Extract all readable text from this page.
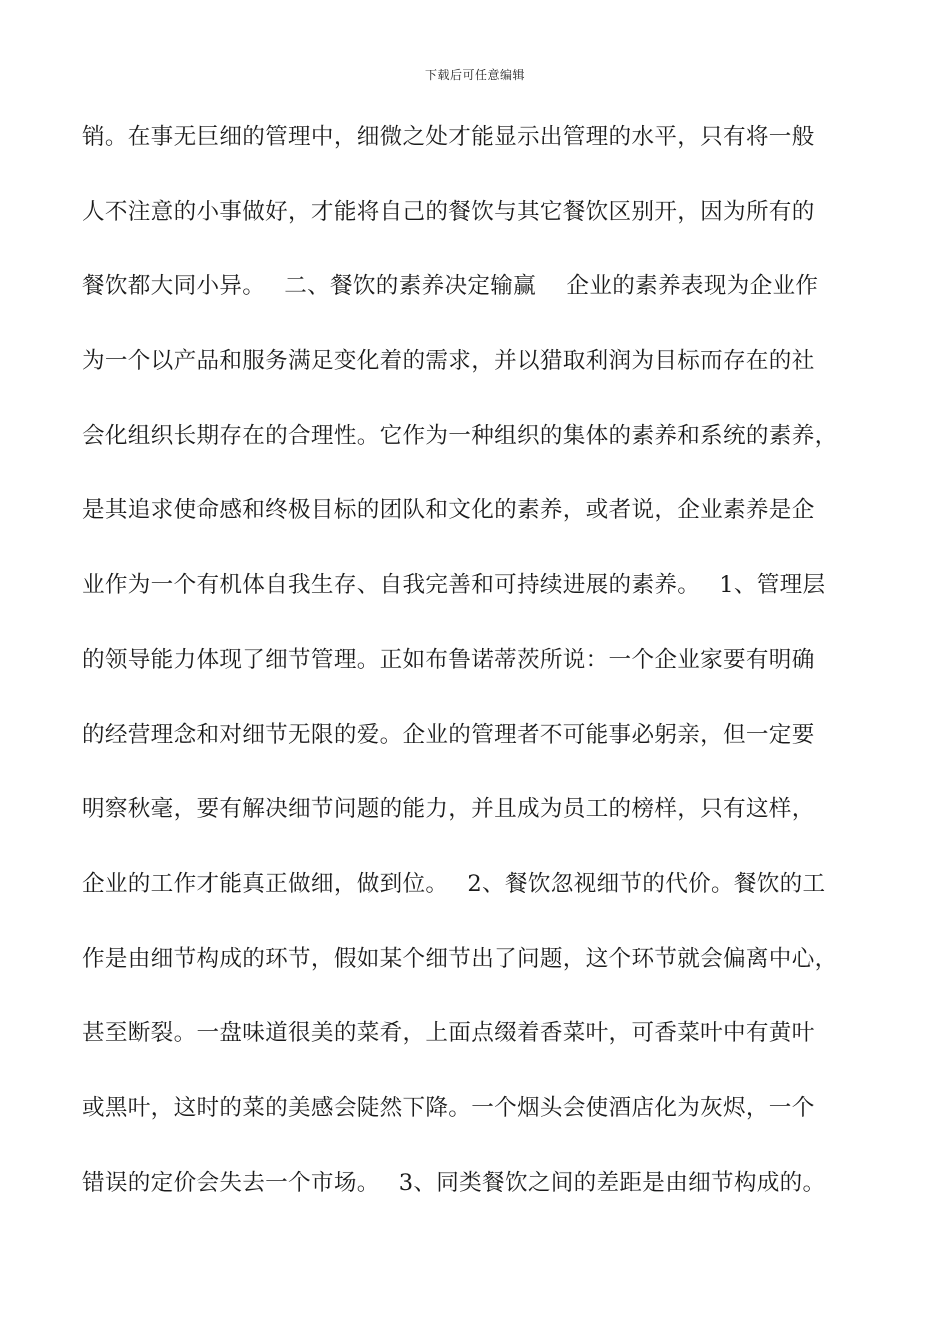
下载后可任意编辑
销。在事无巨细的管理中，细微之处才能显示出管理的水平，只有将一般
人不注意的小事做好，才能将自己的餐饮与其它餐饮区别开，因为所有的
餐饮都大同小异。　 二、餐饮的素养决定输赢　 企业的素养表现为企业作
为一个以产品和服务满足变化着的需求，并以猎取利润为目标而存在的社
会化组织长期存在的合理性。它作为一种组织的集体的素养和系统的素养，
是其追求使命感和终极目标的团队和文化的素养，或者说，企业素养是企
业作为一个有机体自我生存、自我完善和可持续进展的素养。　 1、管理层
的领导能力体现了细节管理。正如布鲁诺蒂茨所说：一个企业家要有明确
的经营理念和对细节无限的爱。企业的管理者不可能事必躬亲，但一定要
明察秋毫，要有解决细节问题的能力，并且成为员工的榜样，只有这样，
企业的工作才能真正做细，做到位。　 2、餐饮忽视细节的代价。餐饮的工
作是由细节构成的环节，假如某个细节出了问题，这个环节就会偏离中心，
甚至断裂。一盘味道很美的菜肴，上面点缀着香菜叶，可香菜叶中有黄叶
或黑叶，这时的菜的美感会陡然下降。一个烟头会使酒店化为灰烬，一个
错误的定价会失去一个市场。　 3、同类餐饮之间的差距是由细节构成的。
